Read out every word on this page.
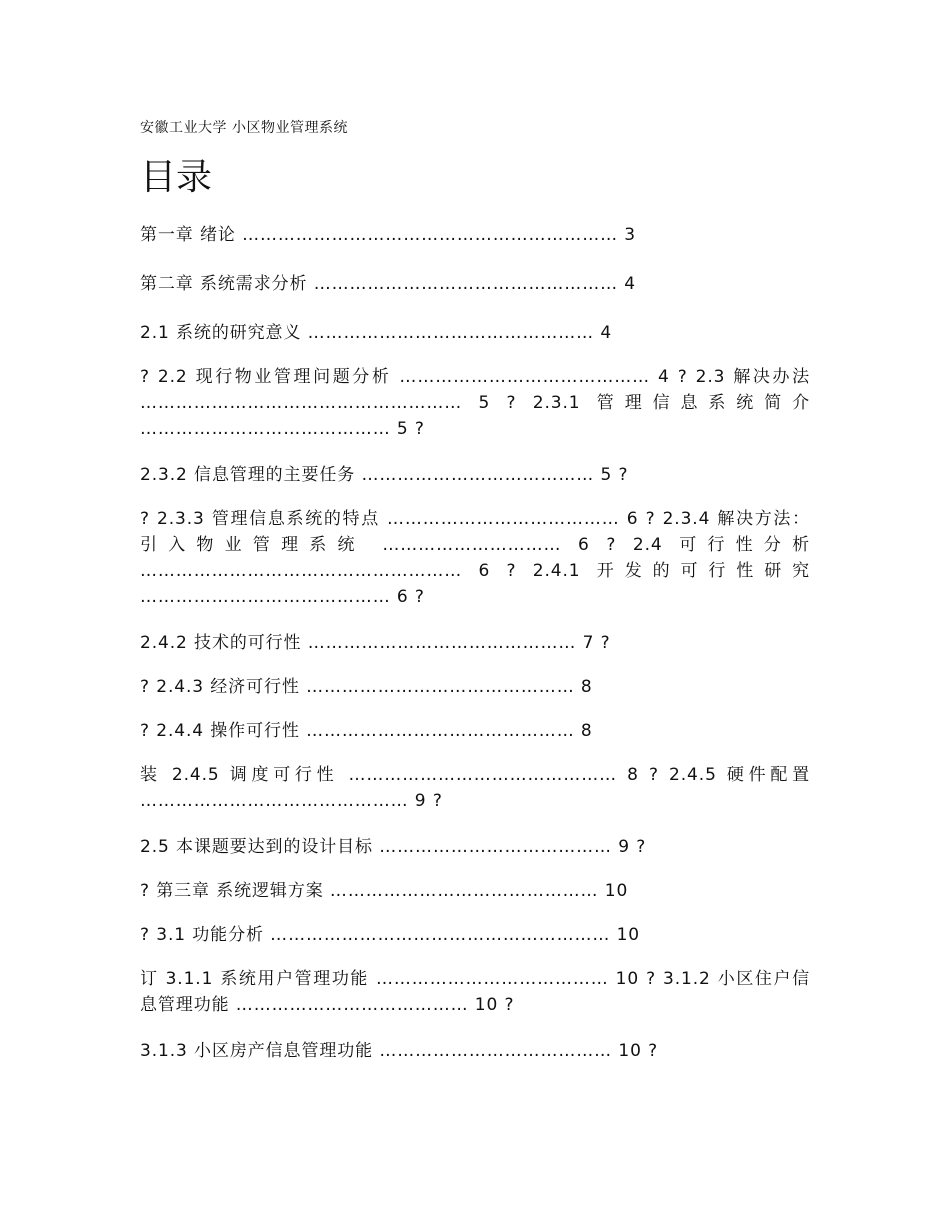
安徽工业大学 小区物业管理系统
目录

第一章 绪论 ……………………………………………………… 3

第二章 系统需求分析 …………………………………………… 4

2.1 系统的研究意义 ………………………………………… 4

? 2.2 现行物业管理问题分析 …………………………………… 4 ? 2.3 解决办法 ……………………………………………… 5 ? 2.3.1 管理信息系统简介 …………………………………… 5 ?

2.3.2 信息管理的主要任务 ………………………………… 5 ?

? 2.3.3 管理信息系统的特点 ………………………………… 6 ? 2.3.4 解决方法：引入物业管理系统 ………………………… 6 ? 2.4 可行性分析 ……………………………………………… 6 ? 2.4.1 开发的可行性研究 …………………………………… 6 ?

2.4.2 技术的可行性 ……………………………………… 7 ?

? 2.4.3 经济可行性 ……………………………………… 8

? 2.4.4 操作可行性 ……………………………………… 8

装 2.4.5 调度可行性 ……………………………………… 8 ? 2.4.5 硬件配置 ……………………………………… 9 ?

2.5 本课题要达到的设计目标 ………………………………… 9 ?

? 第三章 系统逻辑方案 ……………………………………… 10

? 3.1 功能分析 ………………………………………………… 10

订 3.1.1 系统用户管理功能 ………………………………… 10 ? 3.1.2 小区住户信息管理功能 ………………………………… 10 ?

3.1.3 小区房产信息管理功能 ………………………………… 10 ?
